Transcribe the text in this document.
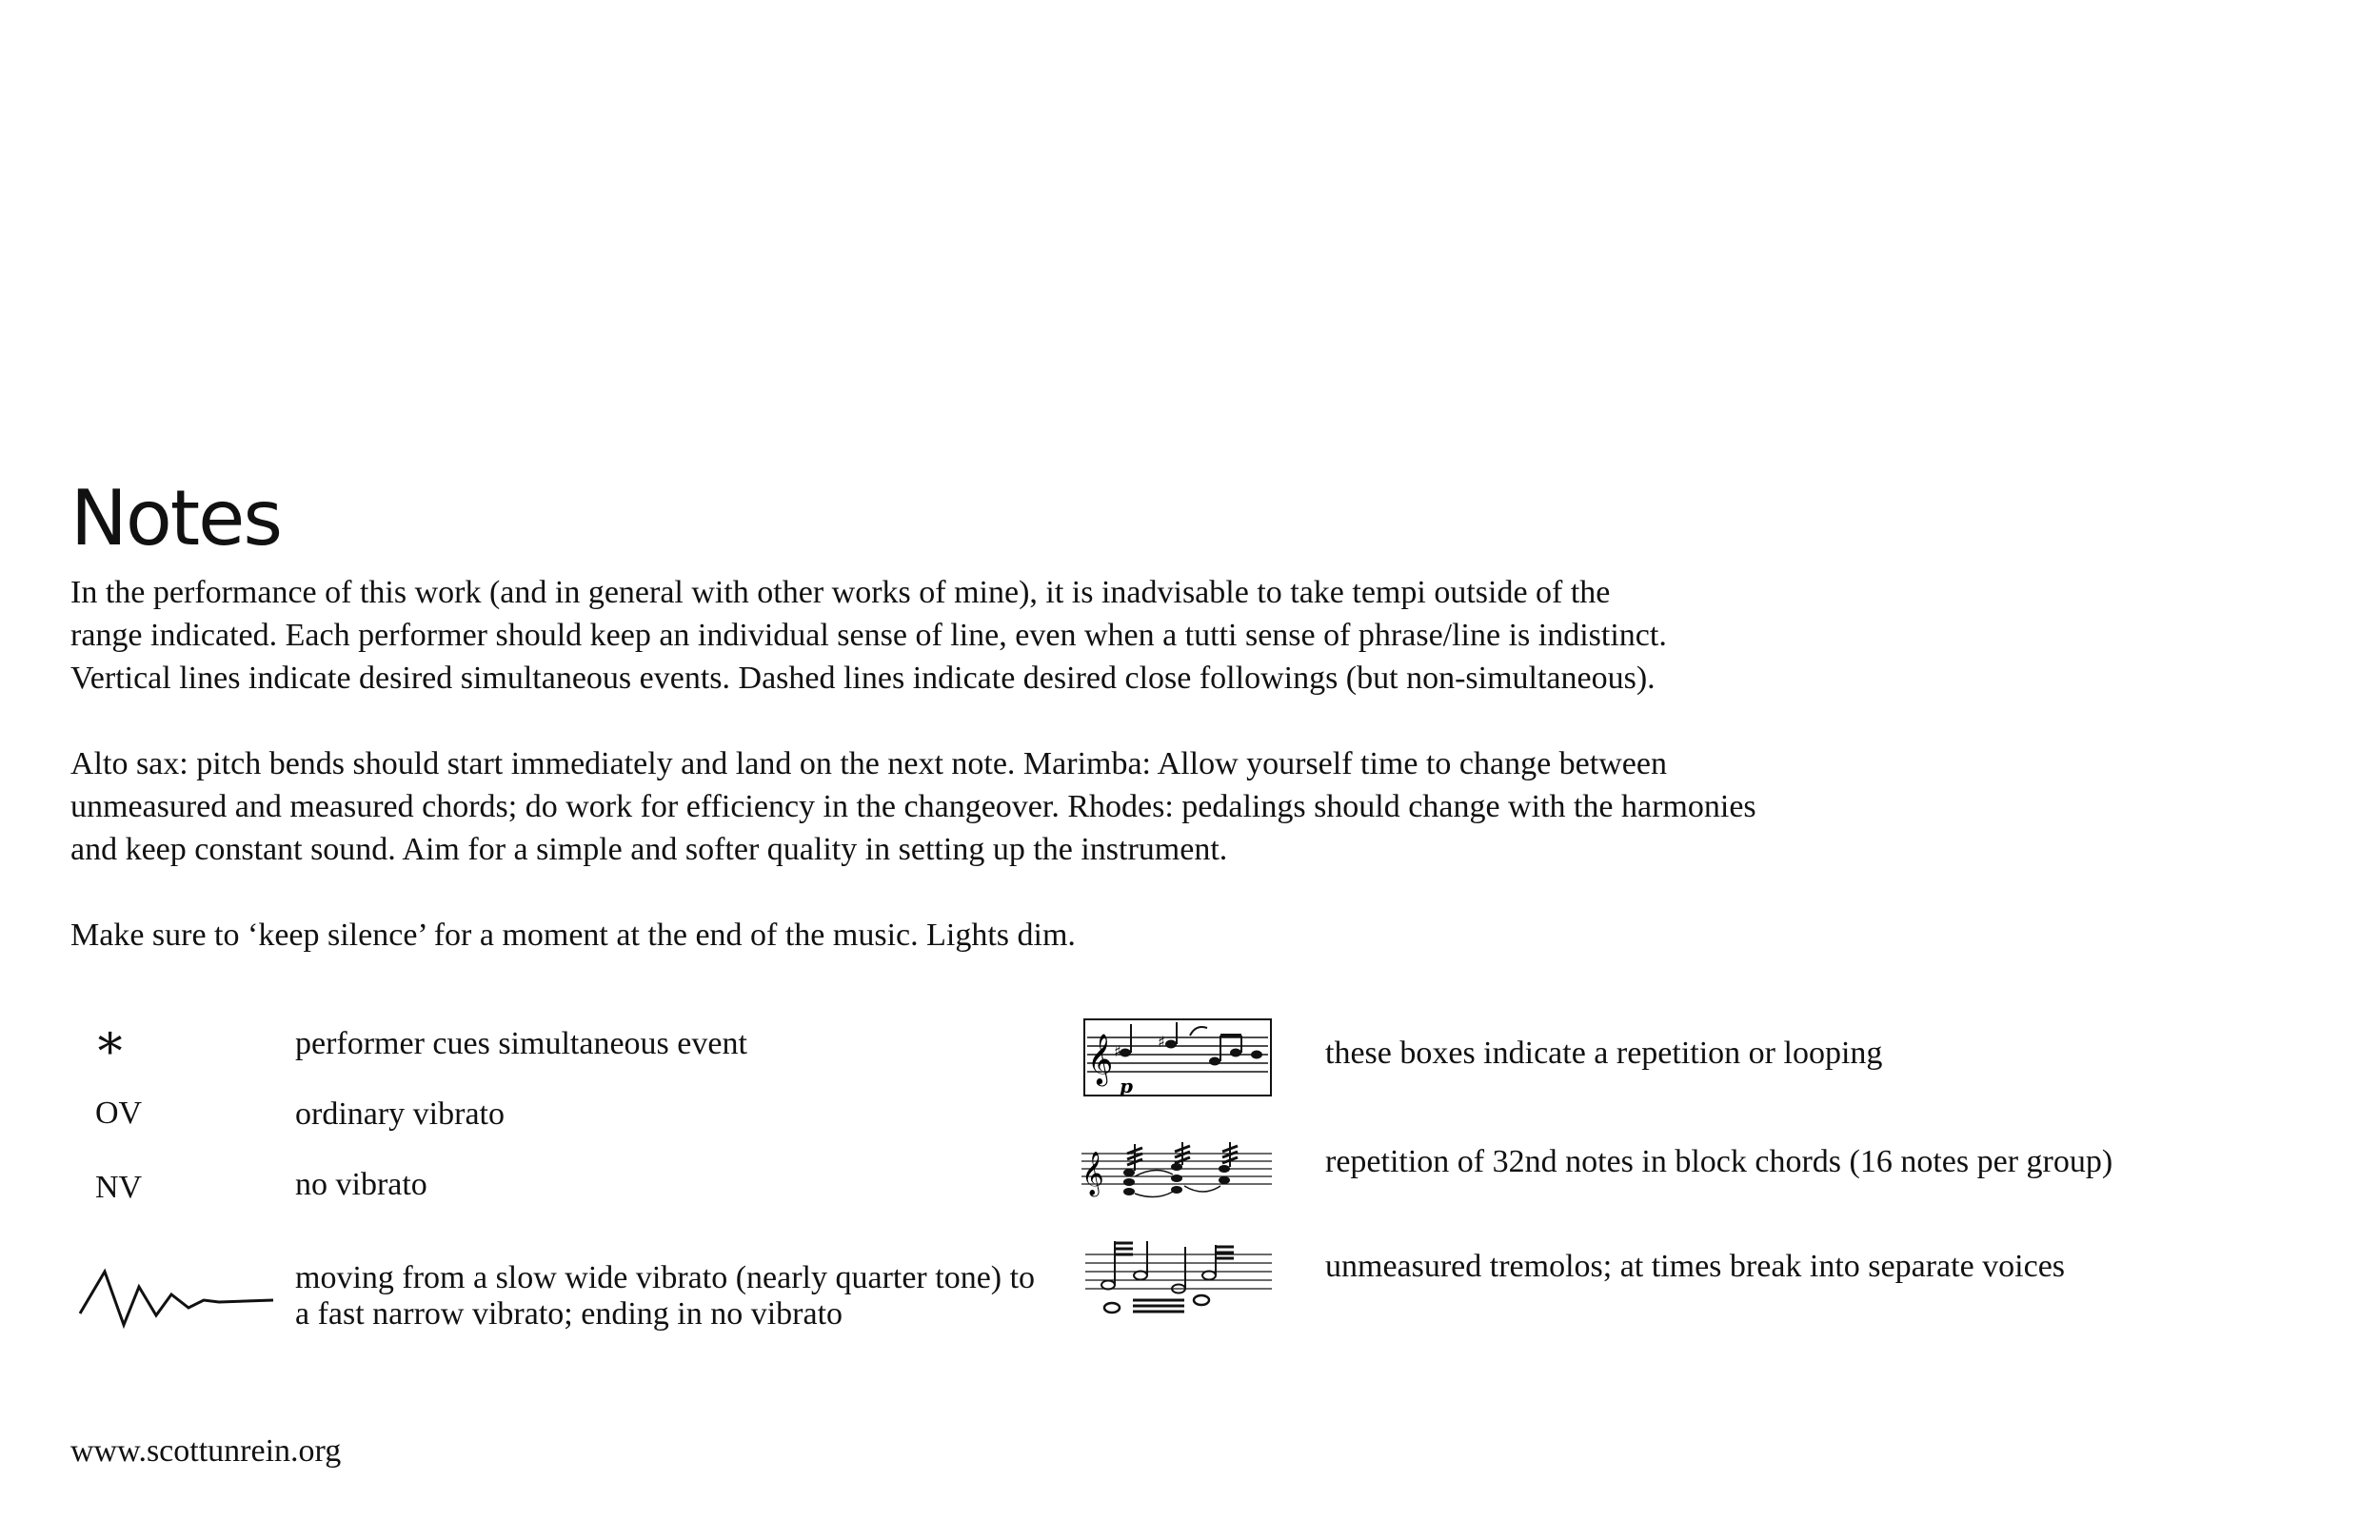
Notes

In the performance of this work (and in general with other works of mine), it is inadvisable to take tempi outside of the
range indicated. Each performer should keep an individual sense of line, even when a tutti sense of phrase/line is indistinct.
Vertical lines indicate desired simultaneous events. Dashed lines indicate desired close followings (but non-simultaneous).

Alto sax: pitch bends should start immediately and land on the next note. Marimba: Allow yourself time to change between
unmeasured and measured chords; do work for efficiency in the changeover. Rhodes: pedalings should change with the harmonies
and keep constant sound. Aim for a simple and softer quality in setting up the instrument.

Make sure to ‘keep silence’ for a moment at the end of the music. Lights dim.

∗	performer cues simultaneous event
OV	ordinary vibrato
NV	no vibrato
moving from a slow wide vibrato (nearly quarter tone) to
a fast narrow vibrato; ending in no vibrato
𝄞 ♯
♯
p
these boxes indicate a repetition or looping
𝄞	repetition of 32nd notes in block chords (16 notes per group)
unmeasured tremolos; at times break into separate voices
www.scottunrein.org
